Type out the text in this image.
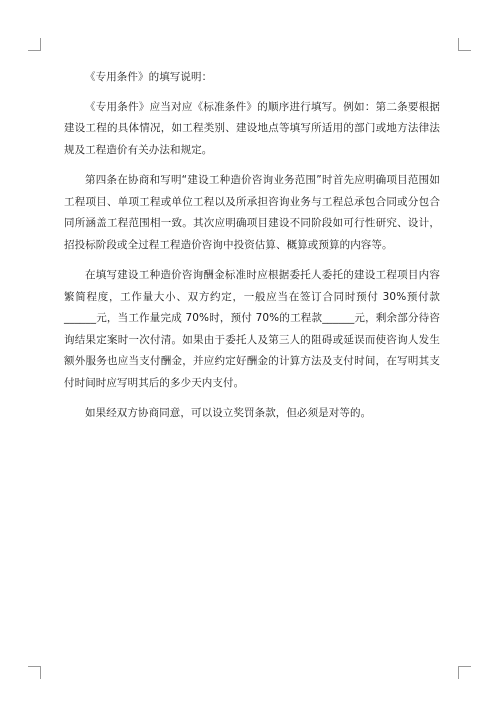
《专用条件》的填写说明：

《专用条件》应当对应《标准条件》的顺序进行填写。例如：第二条要根据建设工程的具体情况，如工程类别、建设地点等填写所适用的部门或地方法律法规及工程造价有关办法和规定。

第四条在协商和写明“建设工种造价咨询业务范围”时首先应明确项目范围如工程项目、单项工程或单位工程以及所承担咨询业务与工程总承包合同或分包合同所涵盖工程范围相一致。其次应明确项目建设不同阶段如可行性研究、设计，招投标阶段或全过程工程造价咨询中投资估算、概算或预算的内容等。

在填写建设工种造价咨询酬金标准时应根据委托人委托的建设工程项目内容繁简程度，工作量大小、双方约定，一般应当在签订合同时预付 30%预付款______元，当工作量完成 70%时，预付 70%的工程款______元，剩余部分待咨询结果定案时一次付清。如果由于委托人及第三人的阻碍或延误而使咨询人发生额外服务也应当支付酬金，并应约定好酬金的计算方法及支付时间，在写明其支付时间时应写明其后的多少天内支付。

如果经双方协商同意，可以设立奖罚条款，但必须是对等的。
